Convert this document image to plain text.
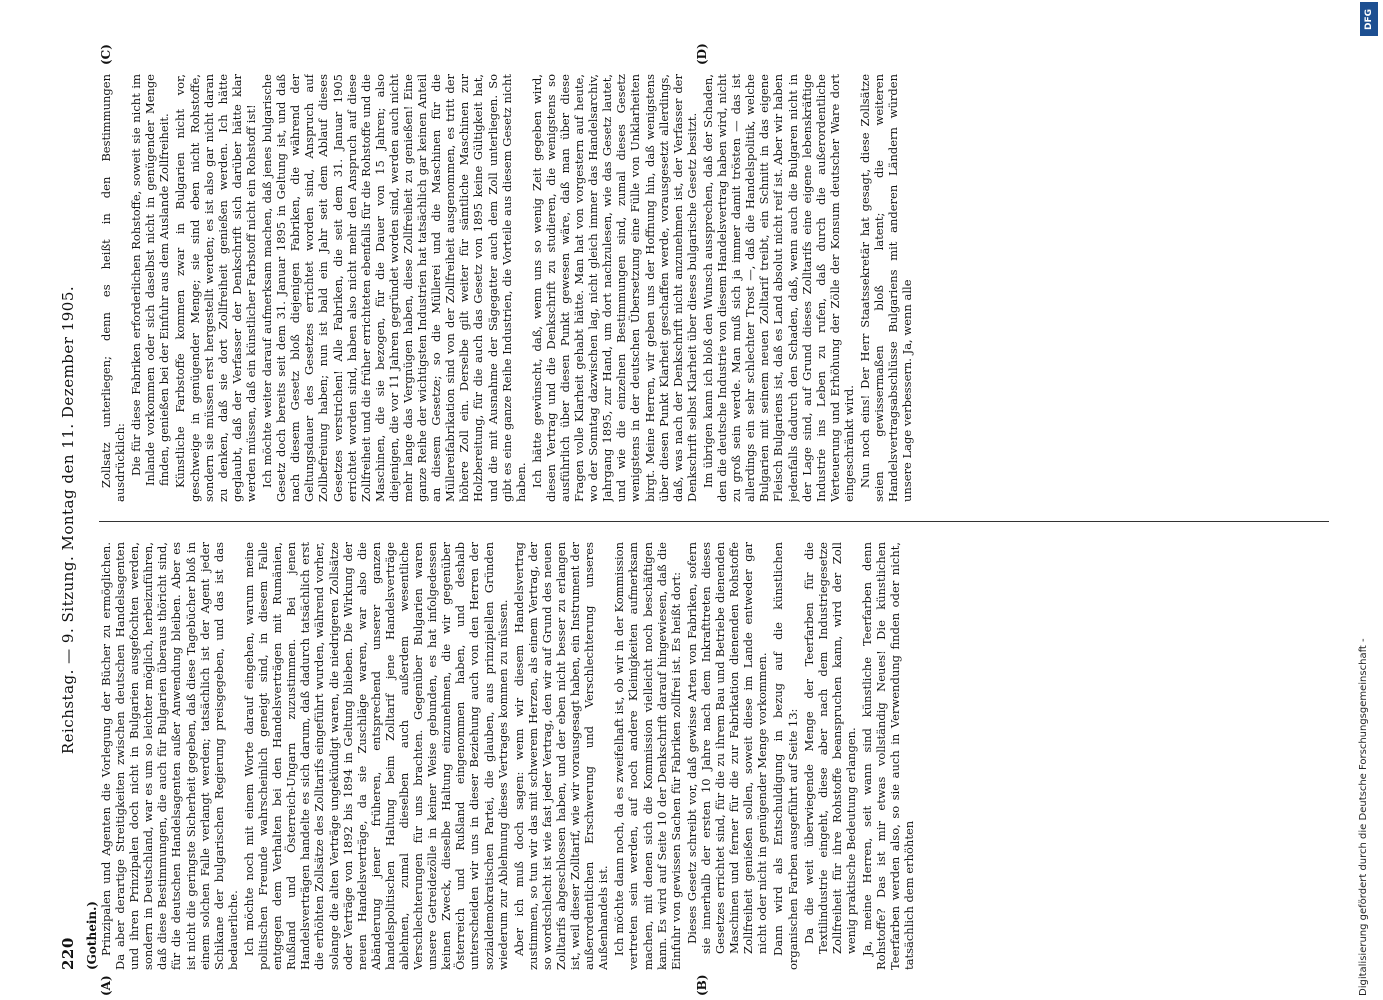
220
Reichstag. — 9. Sitzung. Montag den 11. Dezember 1905.
(Gothein.)
(A)	(B)
(C)	(D)

Prinzipalen und Agenten die Vorlegung der Bücher zu ermöglichen. Da aber derartige Streitigkeiten zwischen deutschen Handelsagenten und ihren Prinzipalen doch nicht in Bulgarien ausgefochten werden, sondern in Deutschland, war es um so leichter möglich, herbeizuführen, daß diese Bestimmungen, die auch für Bulgarien überaus thöricht sind, für die deutschen Handelsagenten außer Anwendung bleiben. Aber es ist nicht die geringste Sicherheit gegeben, daß diese Tagebücher bloß in einem solchen Falle verlangt werden; tatsächlich ist der Agent jeder Schikane der bulgarischen Regierung preisgegeben, und das ist das bedauerliche. Ich möchte noch mit einem Worte darauf eingehen, warum meine politischen Freunde wahrscheinlich geneigt sind, in diesem Falle entgegen dem Verhalten bei den Handelsverträgen mit Rumänien, Rußland und Österreich-Ungarn zuzustimmen. Bei jenen Handelsverträgen handelte es sich darum, daß dadurch tatsächlich erst die erhöhten Zollsätze des Zolltarifs eingeführt wurden, während vorher, solange die alten Verträge ungekündigt waren, die niedrigeren Zollsätze oder Verträge von 1892 bis 1894 in Geltung blieben. Die Wirkung der neuen Handelsverträge, da sie Zuschläge waren, war also die Abänderung jener früheren, entsprechend unserer ganzen handelspolitischen Haltung beim Zolltarif jene Handelsverträge ablehnen, zumal dieselben auch außerdem wesentliche Verschlechterungen für uns brachten. Gegenüber Bulgarien waren unsere Getreidezölle in keiner Weise gebunden, es hat infolgedessen keinen Zweck, dieselbe Haltung einzunehmen, die wir gegenüber Österreich und Rußland eingenommen haben, und deshalb unterscheiden wir uns in dieser Beziehung auch von den Herren der sozialdemokratischen Partei, die glauben, aus prinzipiellen Gründen wiederum zur Ablehnung dieses Vertrages kommen zu müssen. Aber ich muß doch sagen: wenn wir diesem Handelsvertrag zustimmen, so tun wir das mit schwerem Herzen, als einem Vertrag, der so wordschlecht ist wie fast jeder Vertrag, den wir auf Grund des neuen Zolltarifs abgeschlossen haben, und der eben nicht besser zu erlangen ist, weil dieser Zolltarif, wie wir vorausgesagt haben, ein Instrument der außerordentlichen Erschwerung und Verschlechterung unseres Außenhandels ist. Ich möchte dann noch, da es zweifelhaft ist, ob wir in der Kommission vertreten sein werden, auf noch andere Kleinigkeiten aufmerksam machen, mit denen sich die Kommission vielleicht noch beschäftigen kann. Es wird auf Seite 10 der Denkschrift darauf hingewiesen, daß die Einfuhr von gewissen Sachen für Fabriken zollfrei ist. Es heißt dort: Dieses Gesetz schreibt vor, daß gewisse Arten von Fabriken, sofern sie innerhalb der ersten 10 Jahre nach dem Inkrafttreten dieses Gesetzes errichtet sind, für die zu ihrem Bau und Betriebe dienenden Maschinen und ferner für die zur Fabrikation dienenden Rohstoffe Zollfreiheit genießen sollen, soweit diese im Lande entweder gar nicht oder nicht in genügender Menge vorkommen. Dann wird als Entschuldigung in bezug auf die künstlichen organischen Farben ausgeführt auf Seite 13: Da die weit überwiegende Menge der Teerfarben für die Textilindustrie eingeht, diese aber nach dem Industriegesetze Zollfreiheit für ihre Rohstoffe beanspruchen kann, wird der Zoll wenig praktische Bedeutung erlangen. Ja, meine Herren, seit wann sind künstliche Teerfarben denn Rohstoffe? Das ist mir etwas vollständig Neues! Die künstlichen Teerfarben werden also, so sie auch in Verwendung finden oder nicht, tatsächlich dem erhöhten

Zollsatz unterliegen; denn es heißt in den Bestimmungen ausdrücklich: Die für diese Fabriken erforderlichen Rohstoffe, soweit sie nicht im Inlande vorkommen oder sich daselbst nicht in genügender Menge finden, genießen bei der Einfuhr aus dem Auslande Zollfreiheit. Künstliche Farbstoffe kommen zwar in Bulgarien nicht vor, geschweige in genügender Menge; sie sind eben nicht Rohstoffe, sondern sie müssen erst hergestellt werden; es ist also gar nicht daran zu denken, daß sie dort Zollfreiheit genießen werden. Ich hätte geglaubt, daß der Verfasser der Denkschrift sich darüber hätte klar werden müssen, daß ein künstlicher Farbstoff nicht ein Rohstoff ist! Ich möchte weiter darauf aufmerksam machen, daß jenes bulgarische Gesetz doch bereits seit dem 31. Januar 1895 in Geltung ist, und daß nach diesem Gesetz bloß diejenigen Fabriken, die während der Geltungsdauer des Gesetzes errichtet worden sind, Anspruch auf Zollbefreiung haben; nun ist bald ein Jahr seit dem Ablauf dieses Gesetzes verstrichen! Alle Fabriken, die seit dem 31. Januar 1905 errichtet worden sind, haben also nicht mehr den Anspruch auf diese Zollfreiheit und die früher errichteten ebenfalls für die Rohstoffe und die Maschinen, die sie bezogen, für die Dauer von 15 Jahren; also diejenigen, die vor 11 Jahren gegründet worden sind, werden auch nicht mehr lange das Vergnügen haben, diese Zollfreiheit zu genießen! Eine ganze Reihe der wichtigsten Industrien hat tatsächlich gar keinen Anteil an diesem Gesetze; so die Müllerei und die Maschinen für die Müllereifabrikation sind von der Zollfreiheit ausgenommen, es tritt der höhere Zoll ein. Derselbe gilt weiter für sämtliche Maschinen zur Holzbereitung, für die auch das Gesetz von 1895 keine Gültigkeit hat, und die mit Ausnahme der Sägegatter auch dem Zoll unterliegen. So gibt es eine ganze Reihe Industrien, die Vorteile aus diesem Gesetz nicht haben. Ich hätte gewünscht, daß, wenn uns so wenig Zeit gegeben wird, diesen Vertrag und die Denkschrift zu studieren, die wenigstens so ausführlich über diesen Punkt gewesen wäre, daß man über diese Fragen volle Klarheit gehabt hätte. Man hat von vorgestern auf heute, wo der Sonntag dazwischen lag, nicht gleich immer das Handelsarchiv, Jahrgang 1895, zur Hand, um dort nachzulesen, wie das Gesetz lautet, und wie die einzelnen Bestimmungen sind, zumal dieses Gesetz wenigstens in der deutschen Übersetzung eine Fülle von Unklarheiten birgt. Meine Herren, wir geben uns der Hoffnung hin, daß wenigstens über diesen Punkt Klarheit geschaffen werde, vorausgesetzt allerdings, daß, was nach der Denkschrift nicht anzunehmen ist, der Verfasser der Denkschrift selbst Klarheit über dieses bulgarische Gesetz besitzt. Im übrigen kann ich bloß den Wunsch aussprechen, daß der Schaden, den die deutsche Industrie von diesem Handelsvertrag haben wird, nicht zu groß sein werde. Man muß sich ja immer damit trösten — das ist allerdings ein sehr schlechter Trost —, daß die Handelspolitik, welche Bulgarien mit seinem neuen Zolltarif treibt, ein Schnitt in das eigene Fleisch Bulgariens ist, daß es Land absolut nicht reif ist. Aber wir haben jedenfalls dadurch den Schaden, daß, wenn auch die Bulgaren nicht in der Lage sind, auf Grund dieses Zolltarifs eine eigene lebenskräftige Industrie ins Leben zu rufen, daß durch die außerordentliche Verteuerung und Erhöhung der Zölle der Konsum deutscher Ware dort eingeschränkt wird. Nun noch eins! Der Herr Staatssekretär hat gesagt, diese Zollsätze seien gewissermaßen bloß latent; die weiteren Handelsvertragsabschlüsse Bulgariens mit anderen Ländern würden unsere Lage verbessern. Ja, wenn alle

DFG
Digitalisierung gefördert durch die Deutsche Forschungsgemeinschaft -
